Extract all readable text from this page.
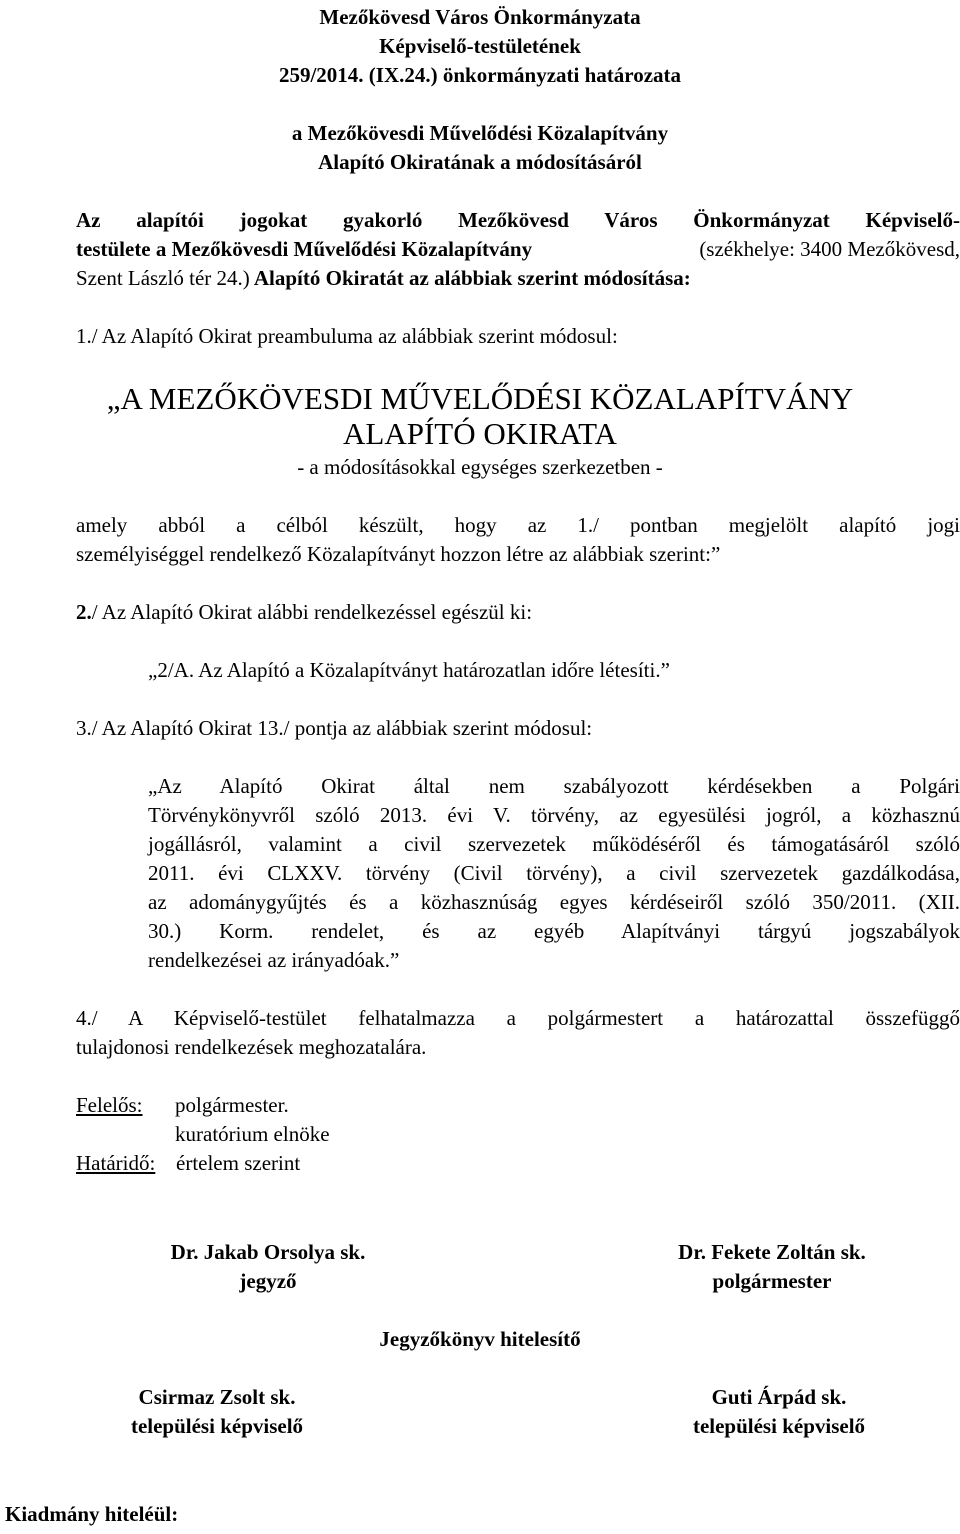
Mezőkövesd Város Önkormányzata
Képviselő-testületének
259/2014. (IX.24.) önkormányzati határozata
a Mezőkövesdi Művelődési Közalapítvány
Alapító Okiratának a módosításáról
Az alapítói jogokat gyakorló Mezőkövesd Város Önkormányzat Képviselő-
testülete a Mezőkövesdi Művelődési Közalapítvány	(székhelye: 3400 Mezőkövesd,
Szent László tér 24.) Alapító Okiratát az alábbiak szerint módosítása:
1./ Az Alapító Okirat preambuluma az alábbiak szerint módosul:
„A MEZŐKÖVESDI MŰVELŐDÉSI KÖZALAPÍTVÁNY
ALAPÍTÓ OKIRATA
- a módosításokkal egységes szerkezetben -
amely abból a célból készült, hogy az 1./ pontban megjelölt alapító jogi
személyiséggel rendelkező Közalapítványt hozzon létre az alábbiak szerint:”
2./ Az Alapító Okirat alábbi rendelkezéssel egészül ki:
„2/A. Az Alapító a Közalapítványt határozatlan időre létesíti.”
3./ Az Alapító Okirat 13./ pontja az alábbiak szerint módosul:
„Az Alapító Okirat által nem szabályozott kérdésekben a Polgári
Törvénykönyvről szóló 2013. évi V. törvény, az egyesülési jogról, a közhasznú
jogállásról, valamint a civil szervezetek működéséről és támogatásáról szóló
2011. évi CLXXV. törvény (Civil törvény), a civil szervezetek gazdálkodása,
az adománygyűjtés és a közhasznúság egyes kérdéseiről szóló 350/2011. (XII.
30.) Korm. rendelet, és az egyéb Alapítványi tárgyú jogszabályok
rendelkezései az irányadóak.”
4./ A Képviselő-testület felhatalmazza a polgármestert a határozattal összefüggő
tulajdonosi rendelkezések meghozatalára.
Felelős: polgármester.
kuratórium elnöke
Határidő: értelem szerint
Dr. Jakab Orsolya sk.
jegyző
Dr. Fekete Zoltán sk.
polgármester
Jegyzőkönyv hitelesítő
Csirmaz Zsolt sk.
települési képviselő
Guti Árpád sk.
települési képviselő
Kiadmány hiteléül:
